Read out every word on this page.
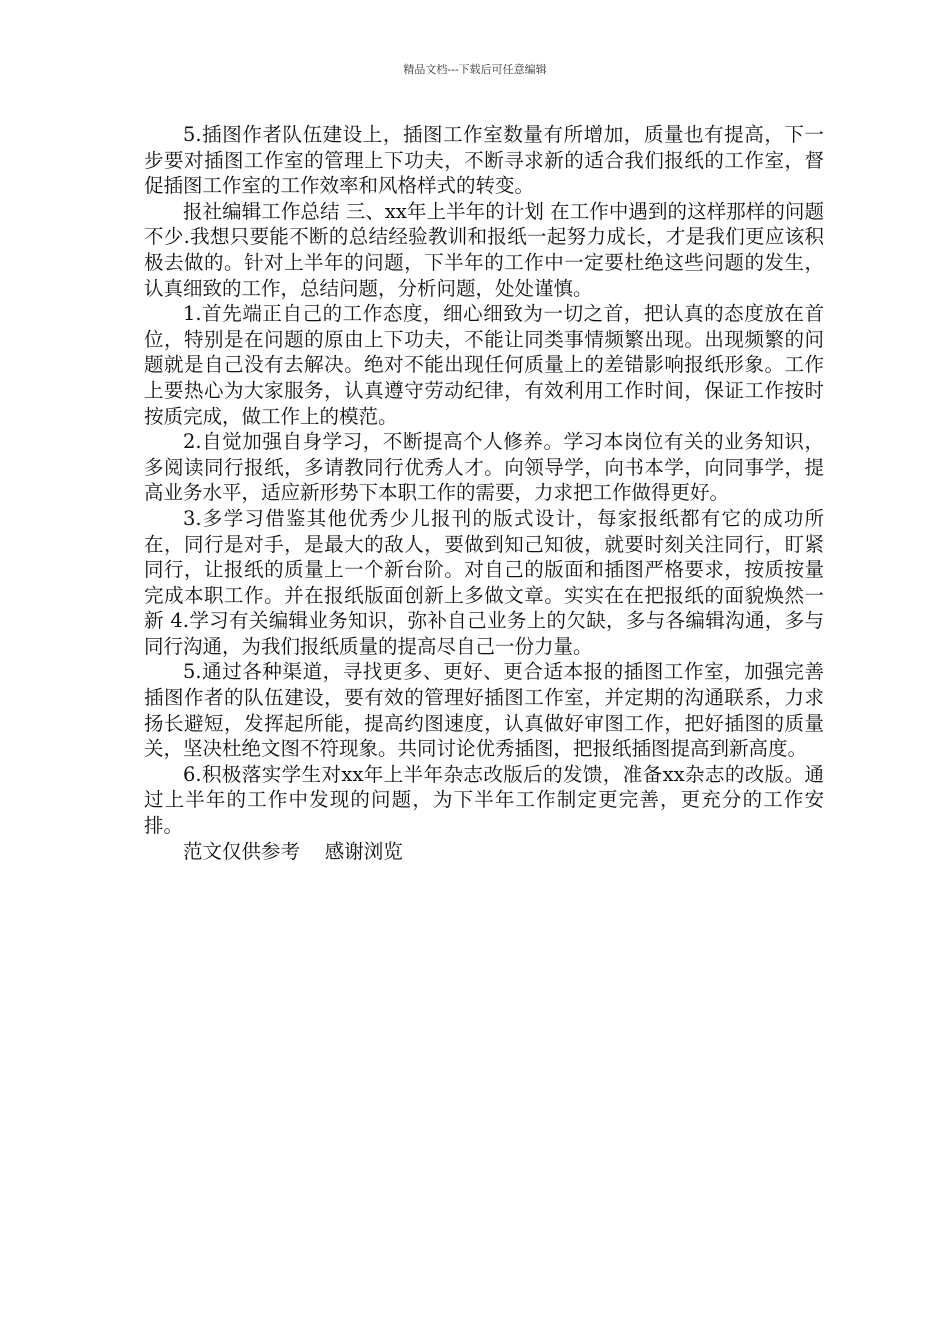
精品文档---下载后可任意编辑

5.插图作者队伍建设上，插图工作室数量有所增加，质量也有提高，下一步要对插图工作室的管理上下功夫，不断寻求新的适合我们报纸的工作室，督促插图工作室的工作效率和风格样式的转变。

报社编辑工作总结 三、xx年上半年的计划 在工作中遇到的这样那样的问题不少.我想只要能不断的总结经验教训和报纸一起努力成长，才是我们更应该积极去做的。针对上半年的问题，下半年的工作中一定要杜绝这些问题的发生，认真细致的工作，总结问题，分析问题，处处谨慎。

1.首先端正自己的工作态度，细心细致为一切之首，把认真的态度放在首位，特别是在问题的原由上下功夫，不能让同类事情频繁出现。出现频繁的问题就是自己没有去解决。绝对不能出现任何质量上的差错影响报纸形象。工作上要热心为大家服务，认真遵守劳动纪律，有效利用工作时间，保证工作按时按质完成，做工作上的模范。

2.自觉加强自身学习，不断提高个人修养。学习本岗位有关的业务知识，多阅读同行报纸，多请教同行优秀人才。向领导学，向书本学，向同事学，提高业务水平，适应新形势下本职工作的需要，力求把工作做得更好。

3.多学习借鉴其他优秀少儿报刊的版式设计，每家报纸都有它的成功所在，同行是对手，是最大的敌人，要做到知己知彼，就要时刻关注同行，盯紧同行，让报纸的质量上一个新台阶。对自己的版面和插图严格要求，按质按量完成本职工作。并在报纸版面创新上多做文章。实实在在把报纸的面貌焕然一新 4.学习有关编辑业务知识，弥补自己业务上的欠缺，多与各编辑沟通，多与同行沟通，为我们报纸质量的提高尽自己一份力量。

5.通过各种渠道，寻找更多、更好、更合适本报的插图工作室，加强完善插图作者的队伍建设，要有效的管理好插图工作室，并定期的沟通联系，力求扬长避短，发挥起所能，提高约图速度，认真做好审图工作，把好插图的质量关，坚决杜绝文图不符现象。共同讨论优秀插图，把报纸插图提高到新高度。

6.积极落实学生对xx年上半年杂志改版后的发馈，准备xx杂志的改版。通过上半年的工作中发现的问题，为下半年工作制定更完善，更充分的工作安排。

范文仅供参考    感谢浏览
